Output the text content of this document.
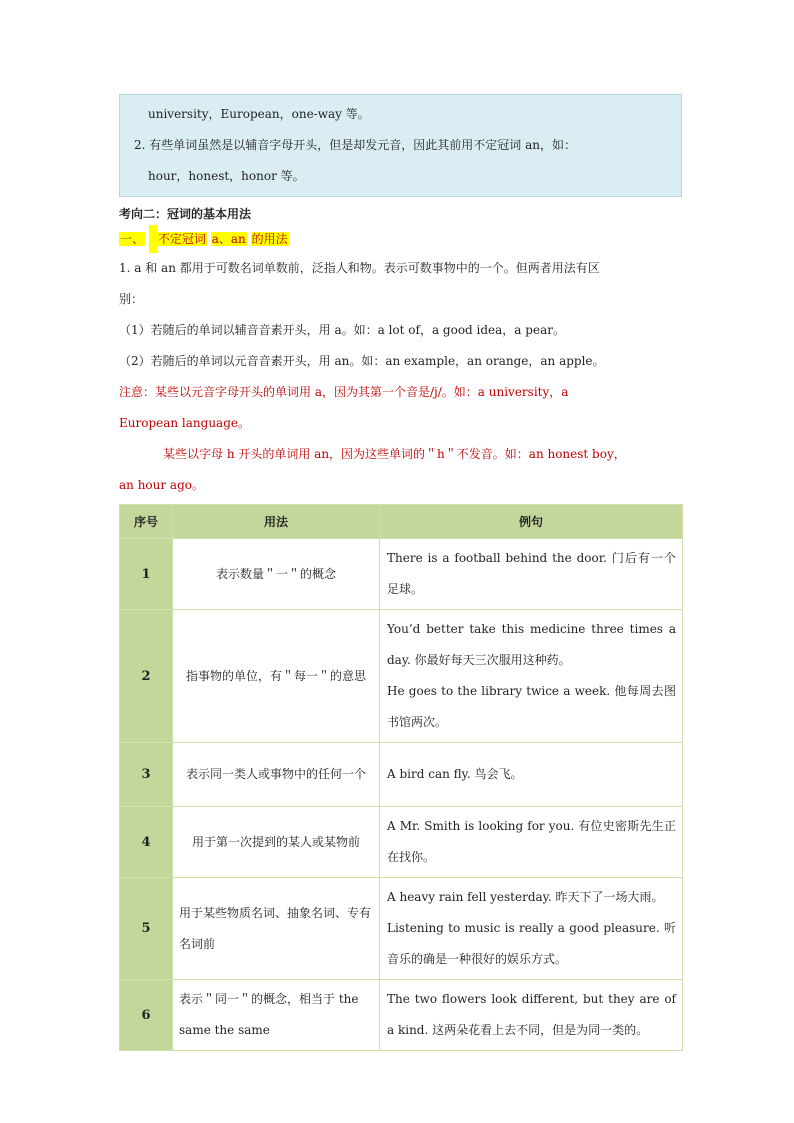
university，European，one-way 等。

2. 有些单词虽然是以辅音字母开头，但是却发元音，因此其前用不定冠词 an，如：

hour，honest，honor 等。

考向二：冠词的基本用法
一、 不定冠词 a、an 的用法

1. a 和 an 都用于可数名词单数前，泛指人和物。表示可数事物中的一个。但两者用法有区

别：

（1）若随后的单词以辅音音素开头，用 a。如：a lot of，a good idea，a pear。

（2）若随后的单词以元音音素开头，用 an。如：an example，an orange，an apple。

注意：某些以元音字母开头的单词用 a，因为其第一个音是/j/。如：a university，a

European language。

某些以字母 h 开头的单词用 an，因为这些单词的＂h＂不发音。如：an honest boy，

an hour ago。

序号	用法	例句
1	表示数量＂一＂的概念	There is a football behind the door. 门后有一个足球。
2	指事物的单位，有＂每一＂的意思	You’d better take this medicine three times a day. 你最好每天三次服用这种药。
He goes to the library twice a week. 他每周去图书馆两次。

3	表示同一类人或事物中的任何一个	A bird can fly. 鸟会飞。
4	用于第一次提到的某人或某物前	A Mr. Smith is looking for you. 有位史密斯先生正在找你。
5	用于某些物质名词、抽象名词、专有名词前	A heavy rain fell yesterday. 昨天下了一场大雨。
Listening to music is really a good pleasure. 听音乐的确是一种很好的娱乐方式。

6	表示＂同一＂的概念，相当于 the same the same	The two flowers look different, but they are of a kind. 这两朵花看上去不同，但是为同一类的。
